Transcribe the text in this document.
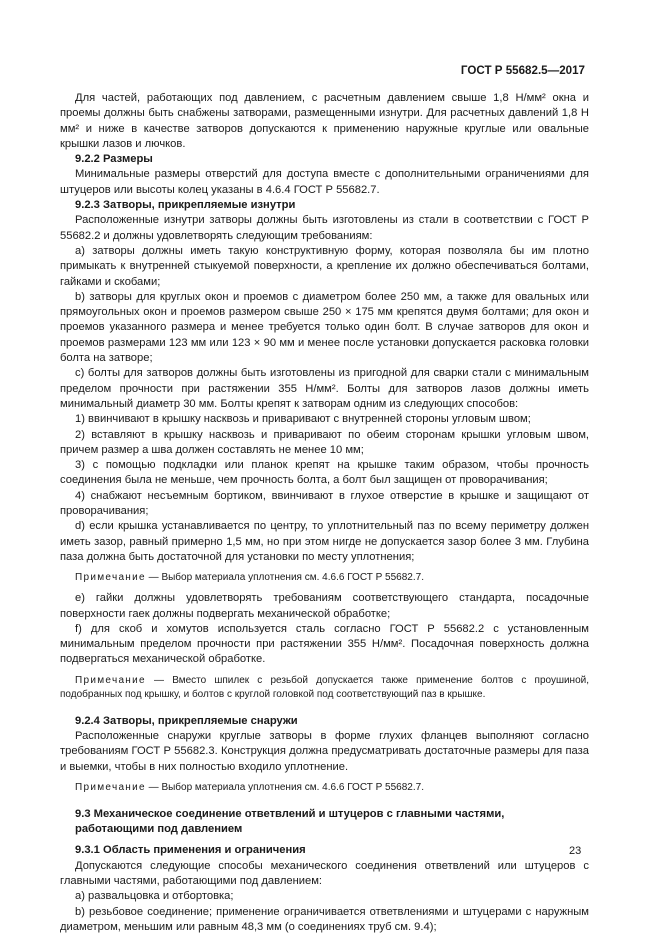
ГОСТ Р 55682.5—2017

Для частей, работающих под давлением, с расчетным давлением свыше 1,8 Н/мм² окна и проемы должны быть снабжены затворами, размещенными изнутри. Для расчетных давлений 1,8 Н мм² и ниже в качестве затворов допускаются к применению наружные круглые или овальные крышки лазов и лючков.

9.2.2 Размеры

Минимальные размеры отверстий для доступа вместе с дополнительными ограничениями для штуцеров или высоты колец указаны в 4.6.4 ГОСТ Р 55682.7.

9.2.3 Затворы, прикрепляемые изнутри

Расположенные изнутри затворы должны быть изготовлены из стали в соответствии с ГОСТ Р 55682.2 и должны удовлетворять следующим требованиям:

а) затворы должны иметь такую конструктивную форму, которая позволяла бы им плотно примыкать к внутренней стыкуемой поверхности, а крепление их должно обеспечиваться болтами, гайками и скобами;

b) затворы для круглых окон и проемов с диаметром более 250 мм, а также для овальных или прямоугольных окон и проемов размером свыше 250 × 175 мм крепятся двумя болтами; для окон и проемов указанного размера и менее требуется только один болт. В случае затворов для окон и проемов размерами 123 мм или 123 × 90 мм и менее после установки допускается расковка головки болта на затворе;

с) болты для затворов должны быть изготовлены из пригодной для сварки стали с минимальным пределом прочности при растяжении 355 Н/мм². Болты для затворов лазов должны иметь минимальный диаметр 30 мм. Болты крепят к затворам одним из следующих способов:

1) ввинчивают в крышку насквозь и приваривают с внутренней стороны угловым швом;

2) вставляют в крышку насквозь и приваривают по обеим сторонам крышки угловым швом, причем размер а шва должен составлять не менее 10 мм;

3) с помощью подкладки или планок крепят на крышке таким образом, чтобы прочность соединения была не меньше, чем прочность болта, а болт был защищен от проворачивания;

4) снабжают несъемным бортиком, ввинчивают в глухое отверстие в крышке и защищают от проворачивания;

d) если крышка устанавливается по центру, то уплотнительный паз по всему периметру должен иметь зазор, равный примерно 1,5 мм, но при этом нигде не допускается зазор более 3 мм. Глубина паза должна быть достаточной для установки по месту уплотнения;

Примечание — Выбор материала уплотнения см. 4.6.6 ГОСТ Р 55682.7.

е) гайки должны удовлетворять требованиям соответствующего стандарта, посадочные поверхности гаек должны подвергать механической обработке;

f) для скоб и хомутов используется сталь согласно ГОСТ Р 55682.2 с установленным минимальным пределом прочности при растяжении 355 Н/мм². Посадочная поверхность должна подвергаться механической обработке.

Примечание — Вместо шпилек с резьбой допускается также применение болтов с проушиной, подобранных под крышку, и болтов с круглой головкой под соответствующий паз в крышке.

9.2.4 Затворы, прикрепляемые снаружи

Расположенные снаружи круглые затворы в форме глухих фланцев выполняют согласно требованиям ГОСТ Р 55682.3. Конструкция должна предусматривать достаточные размеры для паза и выемки, чтобы в них полностью входило уплотнение.

Примечание — Выбор материала уплотнения см. 4.6.6 ГОСТ Р 55682.7.

9.3 Механическое соединение ответвлений и штуцеров с главными частями,
работающими под давлением

9.3.1 Область применения и ограничения

Допускаются следующие способы механического соединения ответвлений или штуцеров с главными частями, работающими под давлением:

а) развальцовка и отбортовка;

b) резьбовое соединение; применение ограничивается ответвлениями и штуцерами с наружным диаметром, меньшим или равным 48,3 мм (о соединениях труб см. 9.4);

23
